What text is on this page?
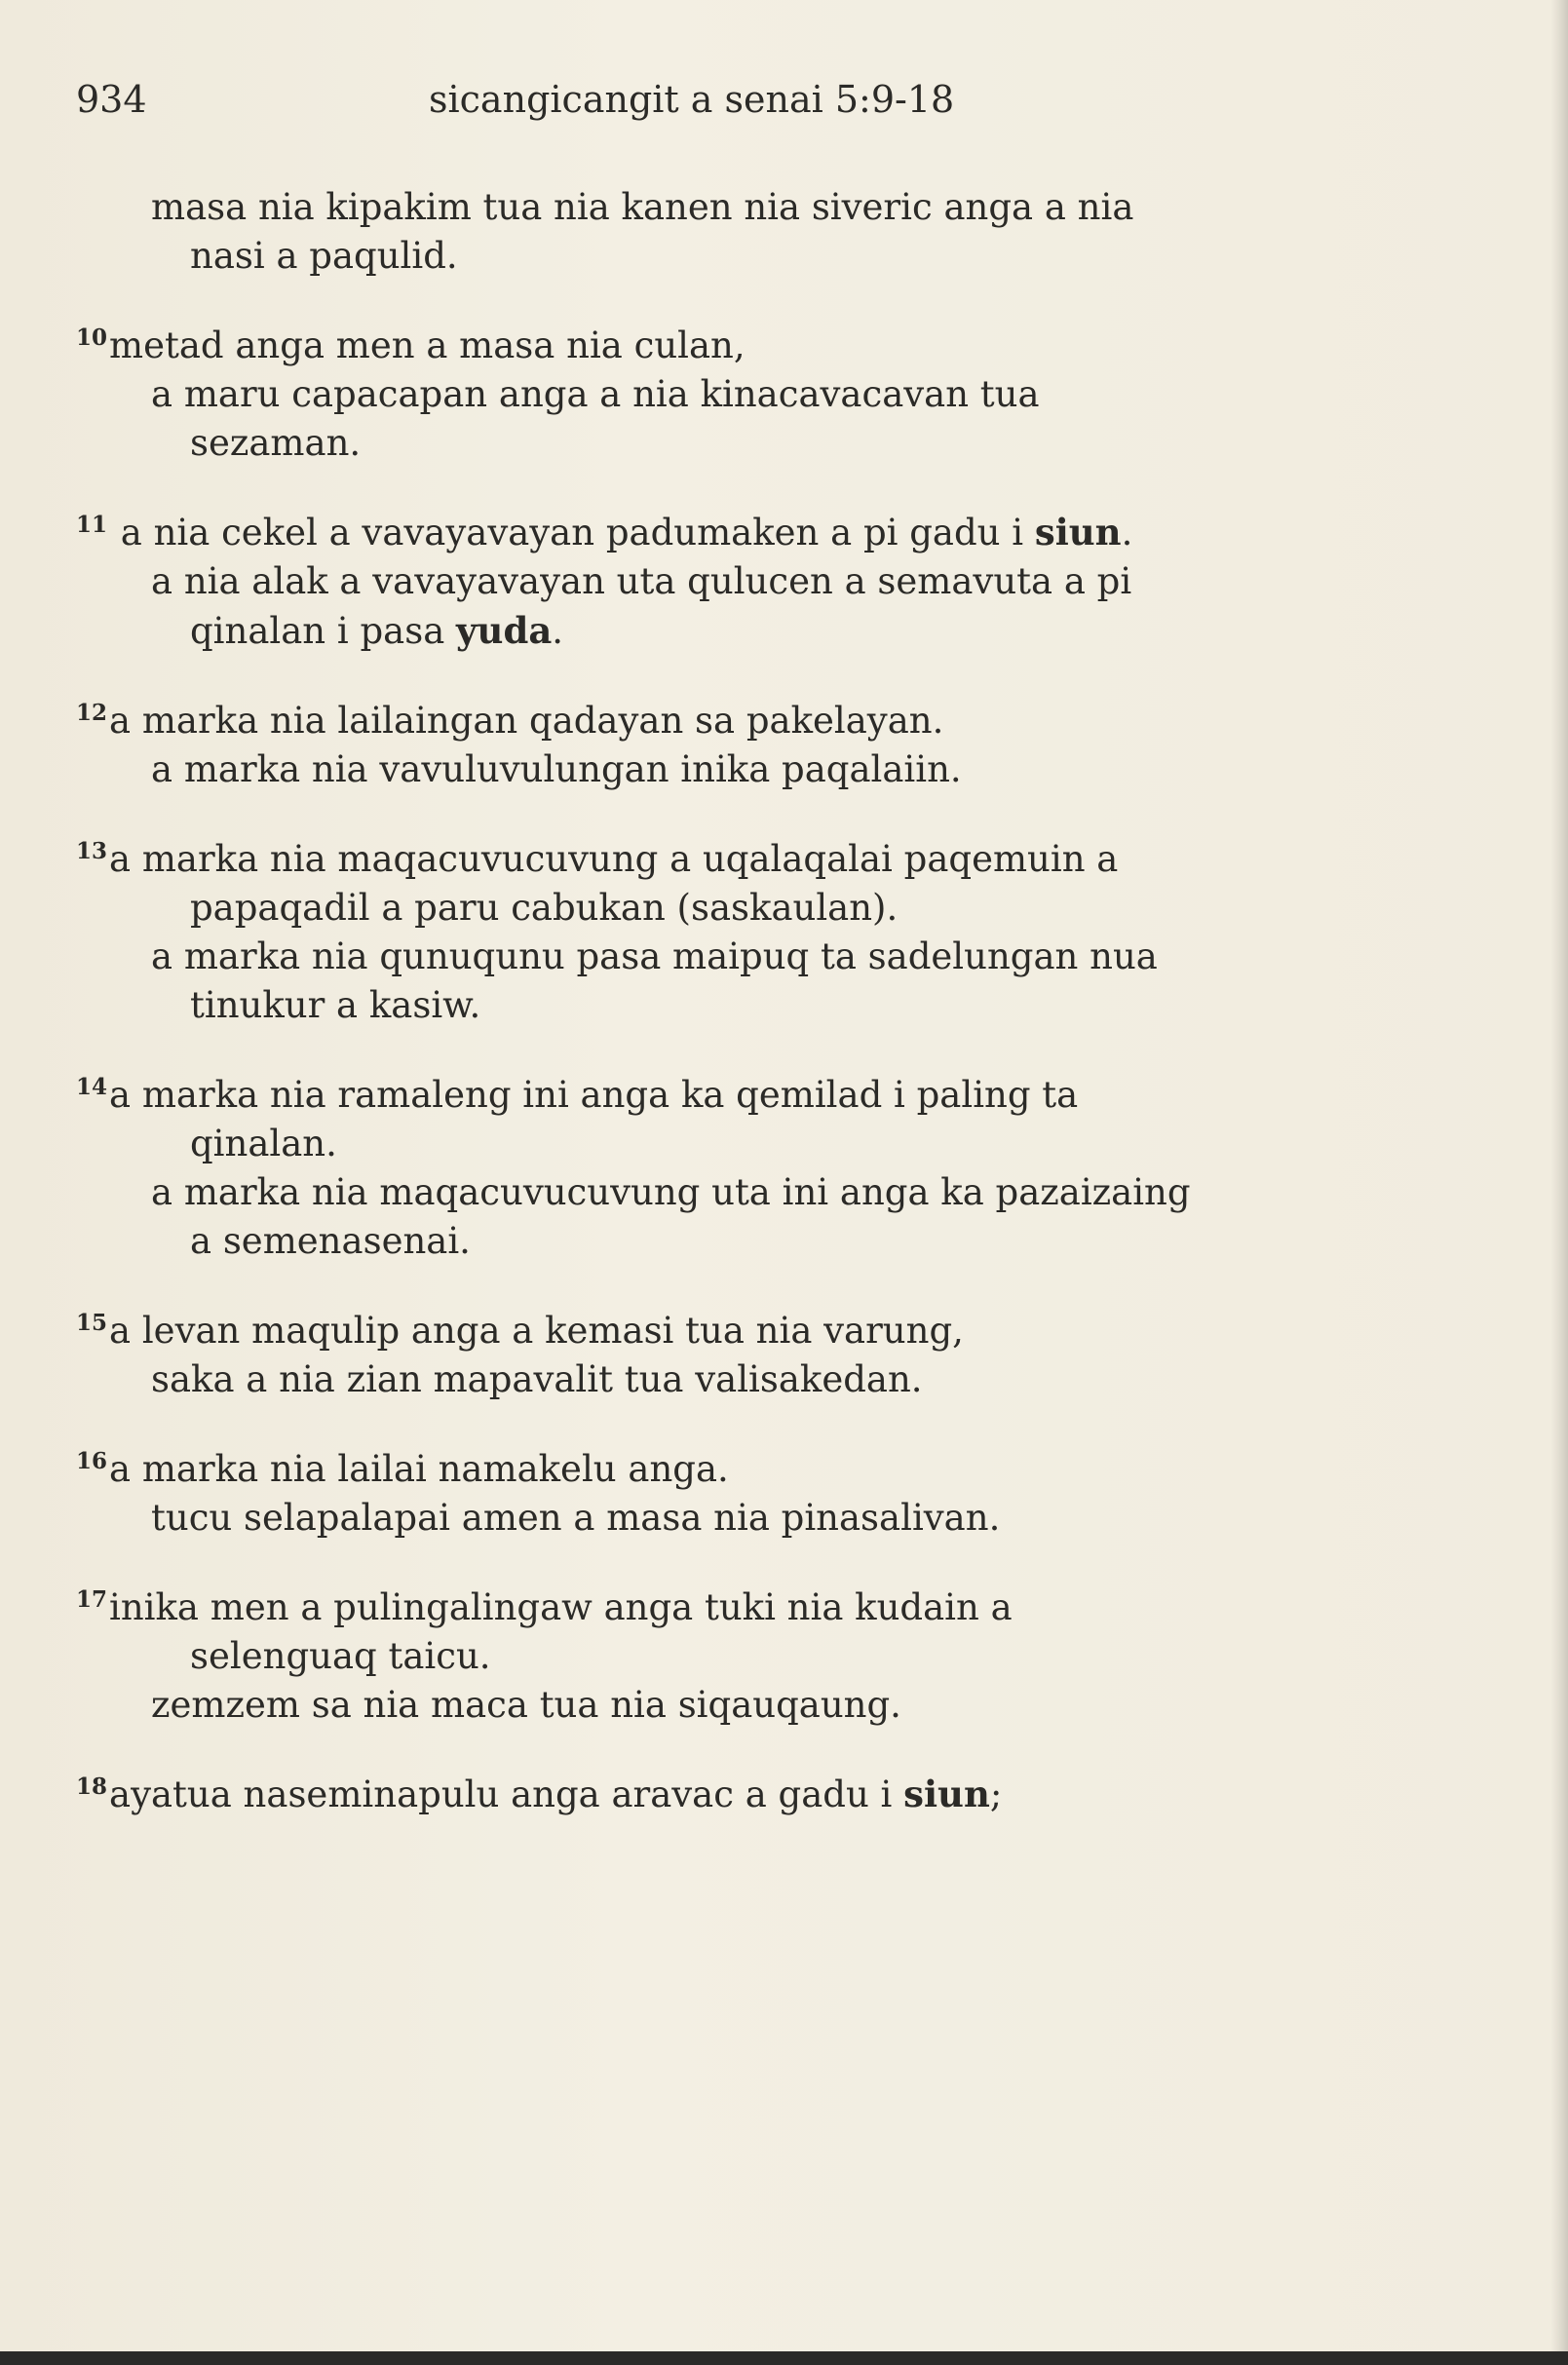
934	sicangicangit a senai 5:9-18
masa nia kipakim tua nia kanen nia siveric anga a nia
nasi a paqulid.
$^{10}$metad anga men a masa nia culan,
a maru capacapan anga a nia kinacavacavan tua
sezaman.
$^{11}$ a nia cekel a vavayavayan padumaken a pi gadu i siun.
a nia alak a vavayavayan uta qulucen a semavuta a pi
qinalan i pasa yuda.
$^{12}$a marka nia lailaingan qadayan sa pakelayan.
a marka nia vavuluvulungan inika paqalaiin.
$^{13}$a marka nia maqacuvucuvung a uqalaqalai paqemuin a
papaqadil a paru cabukan (saskaulan).
a marka nia qunuqunu pasa maipuq ta sadelungan nua
tinukur a kasiw.
$^{14}$a marka nia ramaleng ini anga ka qemilad i paling ta
qinalan.
a marka nia maqacuvucuvung uta ini anga ka pazaizaing
a semenasenai.
$^{15}$a levan maqulip anga a kemasi tua nia varung,
saka a nia zian mapavalit tua valisakedan.
$^{16}$a marka nia lailai namakelu anga.
tucu selapalapai amen a masa nia pinasalivan.
$^{17}$inika men a pulingalingaw anga tuki nia kudain a
selenguaq taicu.
zemzem sa nia maca tua nia siqauqaung.
$^{18}$ayatua naseminapulu anga aravac a gadu i siun;
